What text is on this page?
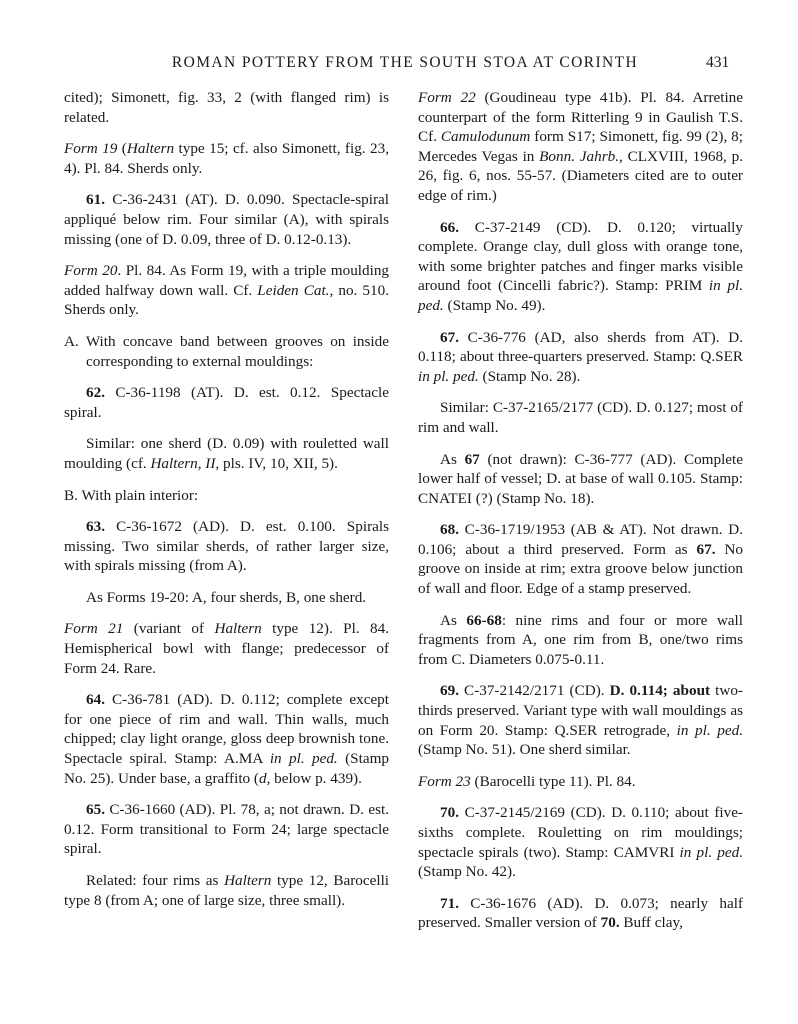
ROMAN POTTERY FROM THE SOUTH STOA AT CORINTH	431

cited); Simonett, fig. 33, 2 (with flanged rim) is related.

Form 19 (Haltern type 15; cf. also Simonett, fig. 23, 4). Pl. 84. Sherds only.

61. C-36-2431 (AT). D. 0.090. Spectacle-spiral appliqué below rim. Four similar (A), with spirals missing (one of D. 0.09, three of D. 0.12-0.13).

Form 20. Pl. 84. As Form 19, with a triple moulding added halfway down wall. Cf. Leiden Cat., no. 510. Sherds only.

A. With concave band between grooves on inside corresponding to external mouldings:

62. C-36-1198 (AT). D. est. 0.12. Spectacle spiral.

Similar: one sherd (D. 0.09) with rouletted wall moulding (cf. Haltern, II, pls. IV, 10, XII, 5).

B. With plain interior:

63. C-36-1672 (AD). D. est. 0.100. Spirals missing. Two similar sherds, of rather larger size, with spirals missing (from A).

As Forms 19-20: A, four sherds, B, one sherd.

Form 21 (variant of Haltern type 12). Pl. 84. Hemispherical bowl with flange; predecessor of Form 24. Rare.

64. C-36-781 (AD). D. 0.112; complete except for one piece of rim and wall. Thin walls, much chipped; clay light orange, gloss deep brownish tone. Spectacle spiral. Stamp: A.MA in pl. ped. (Stamp No. 25). Under base, a graffito (d, below p. 439).

65. C-36-1660 (AD). Pl. 78, a; not drawn. D. est. 0.12. Form transitional to Form 24; large spectacle spiral.

Related: four rims as Haltern type 12, Barocelli type 8 (from A; one of large size, three small).

Form 22 (Goudineau type 41b). Pl. 84. Arretine counterpart of the form Ritterling 9 in Gaulish T.S. Cf. Camulodunum form S17; Simonett, fig. 99 (2), 8; Mercedes Vegas in Bonn. Jahrb., CLXVIII, 1968, p. 26, fig. 6, nos. 55-57. (Diameters cited are to outer edge of rim.)

66. C-37-2149 (CD). D. 0.120; virtually complete. Orange clay, dull gloss with orange tone, with some brighter patches and finger marks visible around foot (Cincelli fabric?). Stamp: PRIM in pl. ped. (Stamp No. 49).

67. C-36-776 (AD, also sherds from AT). D. 0.118; about three-quarters preserved. Stamp: Q.SER in pl. ped. (Stamp No. 28).

Similar: C-37-2165/2177 (CD). D. 0.127; most of rim and wall.

As 67 (not drawn): C-36-777 (AD). Complete lower half of vessel; D. at base of wall 0.105. Stamp: CNATEI (?) (Stamp No. 18).

68. C-36-1719/1953 (AB & AT). Not drawn. D. 0.106; about a third preserved. Form as 67. No groove on inside at rim; extra groove below junction of wall and floor. Edge of a stamp preserved.

As 66-68: nine rims and four or more wall fragments from A, one rim from B, one/two rims from C. Diameters 0.075-0.11.

69. C-37-2142/2171 (CD). D. 0.114; about two-thirds preserved. Variant type with wall mouldings as on Form 20. Stamp: Q.SER retrograde, in pl. ped. (Stamp No. 51). One sherd similar.

Form 23 (Barocelli type 11). Pl. 84.

70. C-37-2145/2169 (CD). D. 0.110; about five-sixths complete. Rouletting on rim mouldings; spectacle spirals (two). Stamp: CAMVRI in pl. ped. (Stamp No. 42).

71. C-36-1676 (AD). D. 0.073; nearly half preserved. Smaller version of 70. Buff clay,
